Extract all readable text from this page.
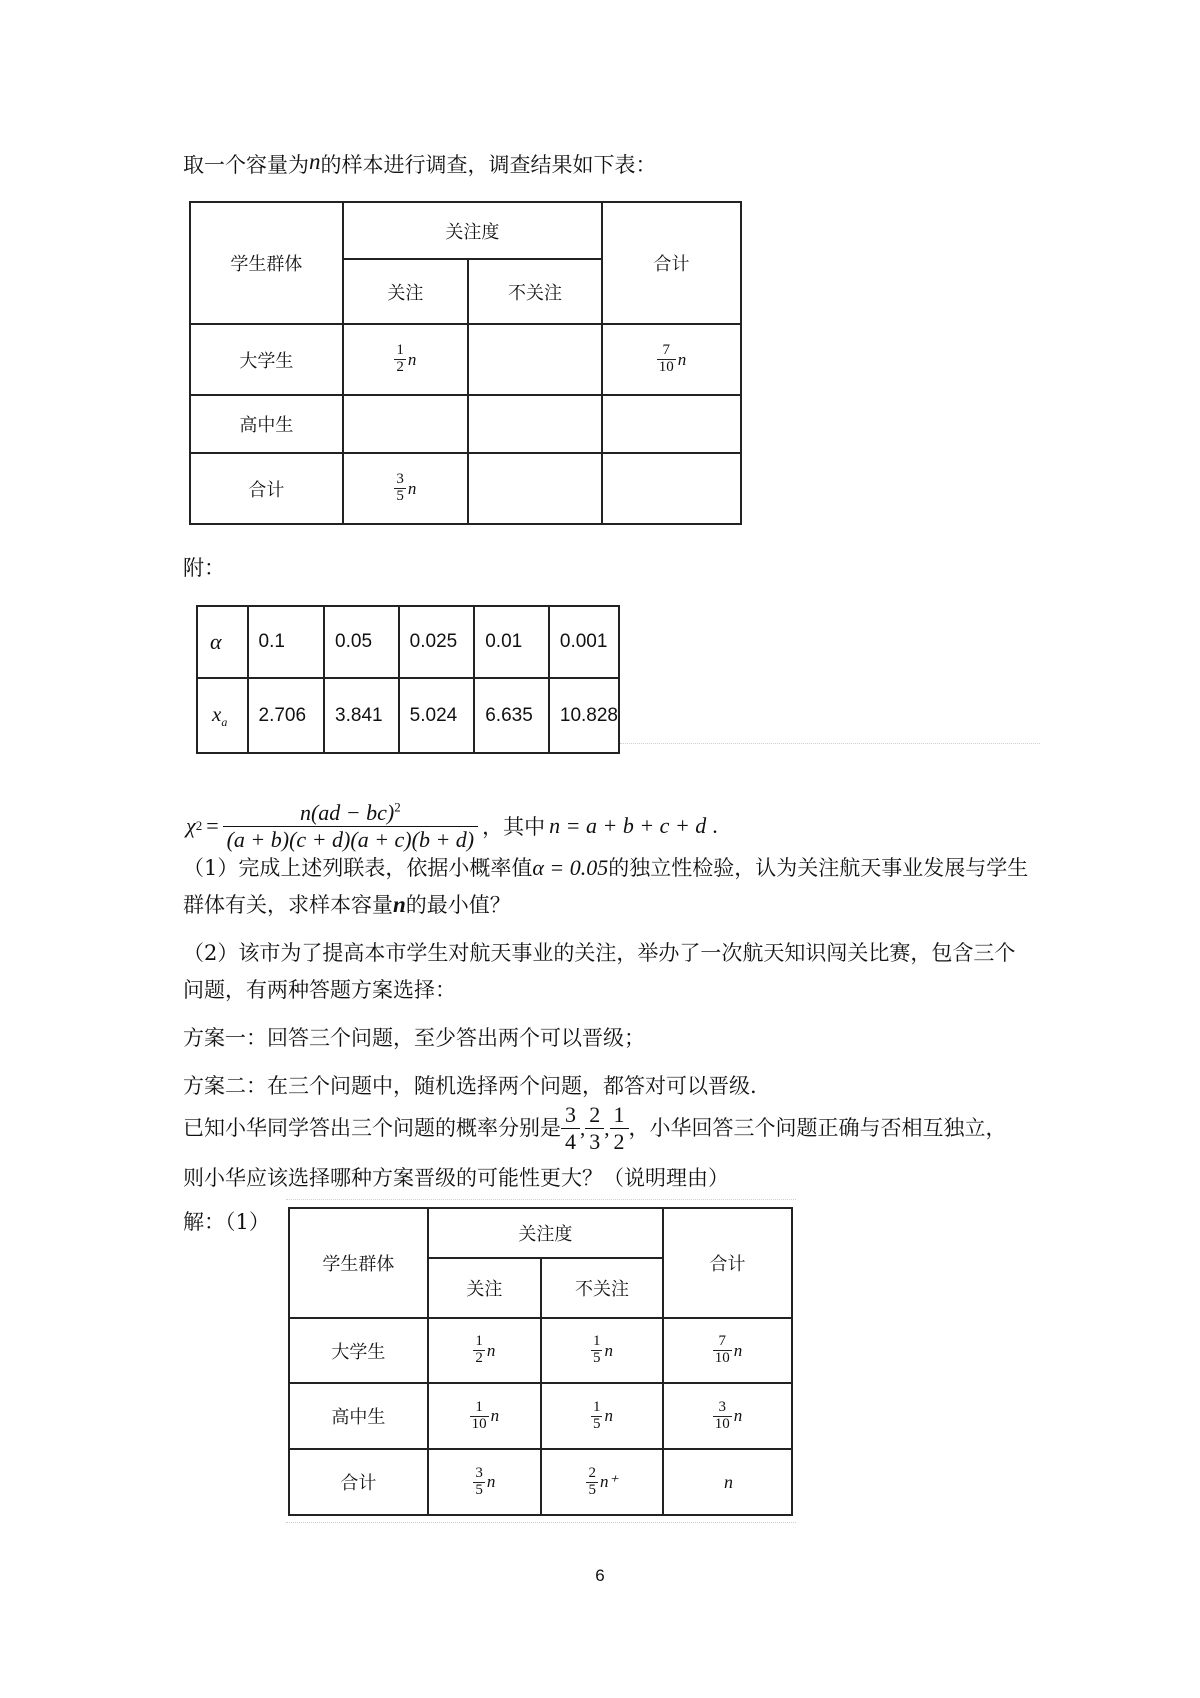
取一个容量为n的样本进行调查，调查结果如下表：
学生群体	关注度		合计
	关注	不关注	
大学生	$\frac{1}{2}$ n		$\frac{7}{10}$ n
高中生			
合计	$\frac{3}{5}$ n		
附：
α	0.1	0.05	0.025	0.01	0.001
$x_a$	2.706	3.841	5.024	6.635	10.828
χ $2 = \frac{n(ad - bc)^2}{(a + b)(c + d)(a + c)(b + d)}$ ，其中 n = a + b + c + d .
（1）完成上述列联表，依据小概率值α = 0.05的独立性检验，认为关注航天事业发展与学生
群体有关，求样本容量n的最小值？
（2）该市为了提高本市学生对航天事业的关注，举办了一次航天知识闯关比赛，包含三个
问题，有两种答题方案选择：
方案一：回答三个问题，至少答出两个可以晋级；
方案二：在三个问题中，随机选择两个问题，都答对可以晋级.
已知小华同学答出三个问题的概率分别是 $\frac{3}{4}$ , $\frac{2}{3}$ , $\frac{1}{2}$ ，小华回答三个问题正确与否相互独立，
则小华应该选择哪种方案晋级的可能性更大？（说明理由）
解：（1）
学生群体	关注度		合计
	关注	不关注	
大学生	$\frac{1}{2}$ n	$\frac{1}{5}$ n	$\frac{7}{10}$ n
高中生	$\frac{1}{10}$ n	$\frac{1}{5}$ n	$\frac{3}{10}$ n
合计	$\frac{3}{5}$ n	$\frac{2}{5} n^+$	n
6
